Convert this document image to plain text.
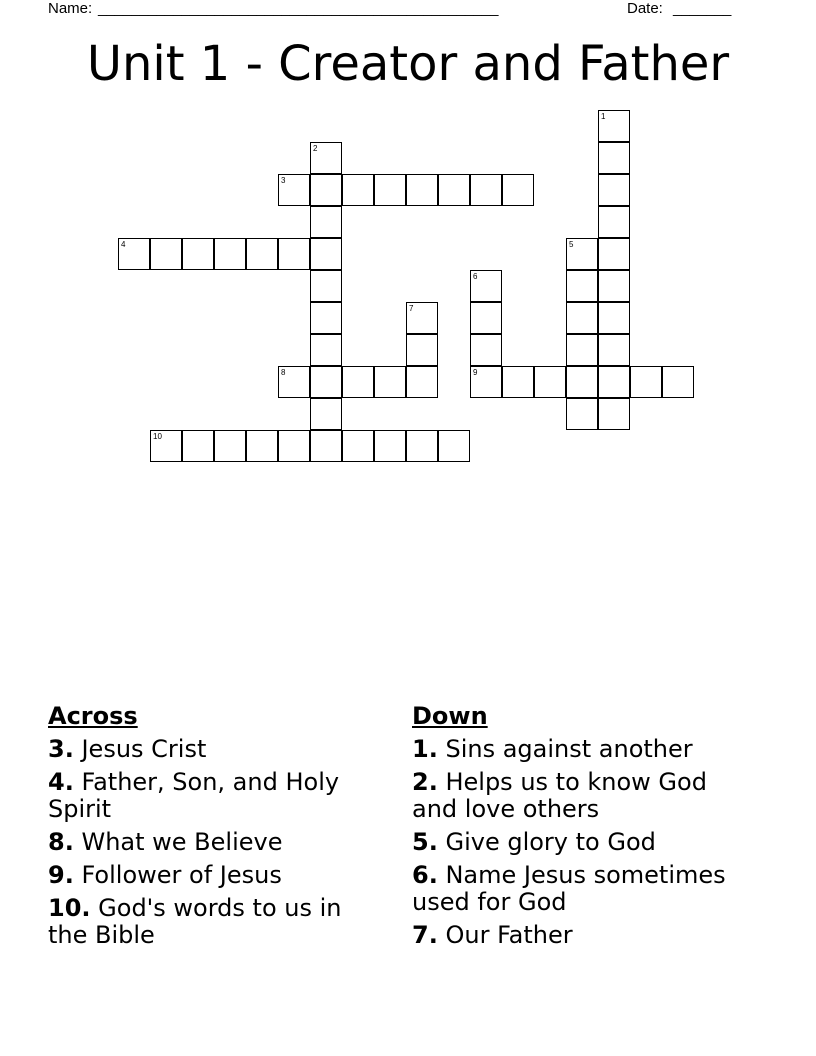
Name: ________________________________________________	Date: _______
Unit 1 - Creator and Father
1
2
3
4	5
6
9
7
8
10
Across
3. Jesus Crist
4. Father, Son, and Holy Spirit
8. What we Believe
9. Follower of Jesus
10. God's words to us in the Bible
Down
1. Sins against another
2. Helps us to know God and love others
5. Give glory to God
6. Name Jesus sometimes used for God
7. Our Father
